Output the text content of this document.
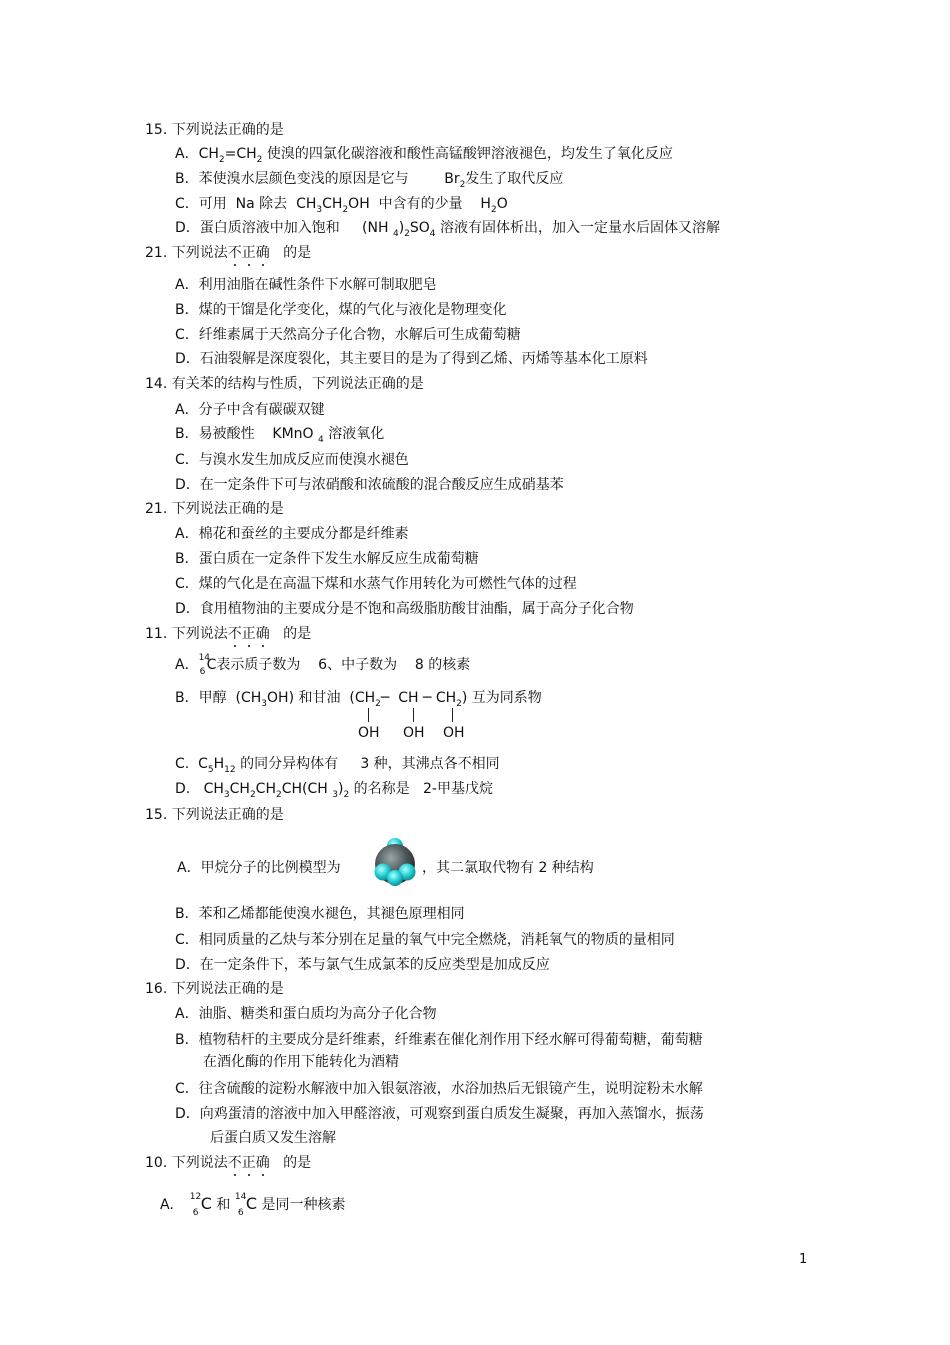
15. 下列说法正确的是
A．$CH_2=CH_2$ 使溴的四氯化碳溶液和酸性高锰酸钾溶液褪色，均发生了氧化反应
B．苯使溴水层颜色变浅的原因是它与        $Br_2$发生了取代反应
C．可用  Na 除去  $CH_3CH_2OH$  中含有的少量    $H_2O$
D．蛋白质溶液中加入饱和     (NH $_4)_2SO_4$ 溶液有固体析出，加入一定量水后固体又溶解
21. 下列说法不正确   的是
A．利用油脂在碱性条件下水解可制取肥皂
B．煤的干馏是化学变化，煤的气化与液化是物理变化
C．纤维素属于天然高分子化合物，水解后可生成葡萄糖
D．石油裂解是深度裂化，其主要目的是为了得到乙烯、丙烯等基本化工原料
14. 有关苯的结构与性质，下列说法正确的是
A．分子中含有碳碳双键
B．易被酸性    KMnO $_4$ 溶液氧化
C．与溴水发生加成反应而使溴水褪色
D．在一定条件下可与浓硝酸和浓硫酸的混合酸反应生成硝基苯
21. 下列说法正确的是
A．棉花和蚕丝的主要成分都是纤维素
B．蛋白质在一定条件下发生水解反应生成葡萄糖
C．煤的气化是在高温下煤和水蒸气作用转化为可燃性气体的过程
D．食用植物油的主要成分是不饱和高级脂肪酸甘油酯，属于高分子化合物
11. 下列说法不正确   的是
A． 14
6 C表示质子数为    6、中子数为    8 的核素
B．甲醇  $(CH_3OH)$ 和甘油  ($CH_2─$  CH ─ $CH_2$) 互为同系物
OH OH OH
C.  $C_5H_{12}$ 的同分异构体有     3 种，其沸点各不相同
D.   $CH_3CH_2CH_2CH(CH$ $_3)_2$ 的名称是   2-甲基戊烷
15. 下列说法正确的是
A．甲烷分子的比例模型为	，其二氯取代物有 2 种结构
B．苯和乙烯都能使溴水褪色，其褪色原理相同
C．相同质量的乙炔与苯分别在足量的氧气中完全燃烧，消耗氧气的物质的量相同
D．在一定条件下，苯与氯气生成氯苯的反应类型是加成反应
16. 下列说法正确的是
A．油脂、糖类和蛋白质均为高分子化合物
B．植物秸杆的主要成分是纤维素，纤维素在催化剂作用下经水解可得葡萄糖，葡萄糖
在酒化酶的作用下能转化为酒精
C．往含硫酸的淀粉水解液中加入银氨溶液，水浴加热后无银镜产生，说明淀粉未水解
D．向鸡蛋清的溶液中加入甲醛溶液，可观察到蛋白质发生凝聚，再加入蒸馏水，振荡
后蛋白质又发生溶解
10. 下列说法不正确   的是
A. 12
6 C 和 14
6 C 是同一种核素
1
